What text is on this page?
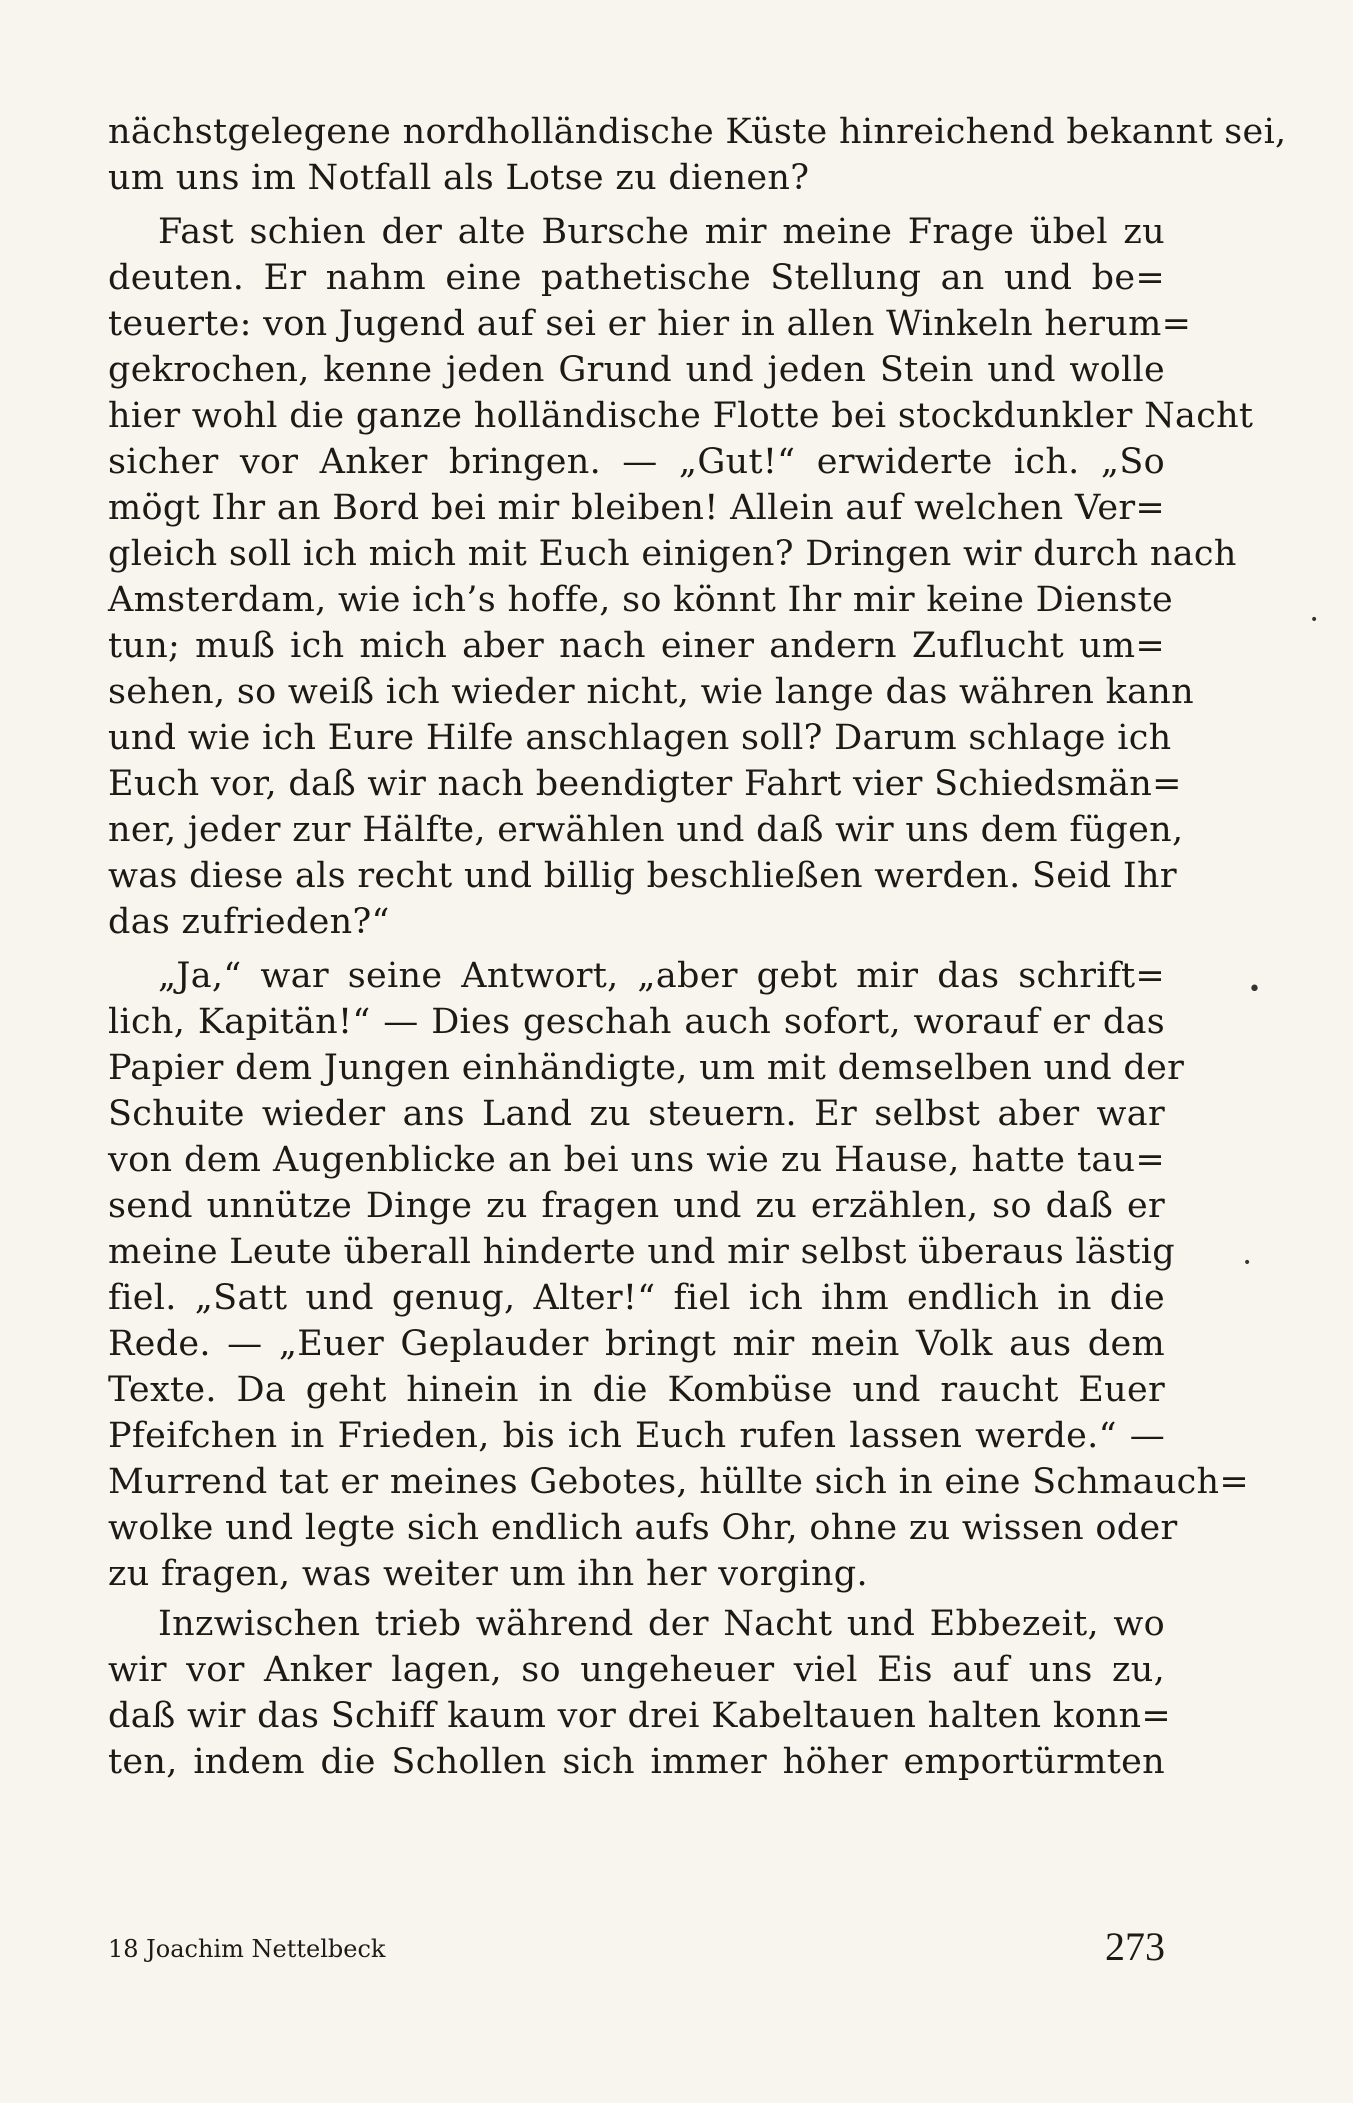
nächstgelegene nordholländische Küste hinreichend bekannt sei,
um uns im Notfall als Lotse zu dienen?
Fast schien der alte Bursche mir meine Frage übel zu
deuten. Er nahm eine pathetische Stellung an und be=
teuerte: von Jugend auf sei er hier in allen Winkeln herum=
gekrochen, kenne jeden Grund und jeden Stein und wolle
hier wohl die ganze holländische Flotte bei stockdunkler Nacht
sicher vor Anker bringen. — „Gut!“ erwiderte ich. „So
mögt Ihr an Bord bei mir bleiben! Allein auf welchen Ver=
gleich soll ich mich mit Euch einigen? Dringen wir durch nach
Amsterdam, wie ich’s hoffe, so könnt Ihr mir keine Dienste
tun; muß ich mich aber nach einer andern Zuflucht um=
sehen, so weiß ich wieder nicht, wie lange das währen kann
und wie ich Eure Hilfe anschlagen soll? Darum schlage ich
Euch vor, daß wir nach beendigter Fahrt vier Schiedsmän=
ner, jeder zur Hälfte, erwählen und daß wir uns dem fügen,
was diese als recht und billig beschließen werden. Seid Ihr
das zufrieden?“
„Ja,“ war seine Antwort, „aber gebt mir das schrift=
lich, Kapitän!“ — Dies geschah auch sofort, worauf er das
Papier dem Jungen einhändigte, um mit demselben und der
Schuite wieder ans Land zu steuern. Er selbst aber war
von dem Augenblicke an bei uns wie zu Hause, hatte tau=
send unnütze Dinge zu fragen und zu erzählen, so daß er
meine Leute überall hinderte und mir selbst überaus lästig
fiel. „Satt und genug, Alter!“ fiel ich ihm endlich in die
Rede. — „Euer Geplauder bringt mir mein Volk aus dem
Texte. Da geht hinein in die Kombüse und raucht Euer
Pfeifchen in Frieden, bis ich Euch rufen lassen werde.“ —
Murrend tat er meines Gebotes, hüllte sich in eine Schmauch=
wolke und legte sich endlich aufs Ohr, ohne zu wissen oder
zu fragen, was weiter um ihn her vorging.
Inzwischen trieb während der Nacht und Ebbezeit, wo
wir vor Anker lagen, so ungeheuer viel Eis auf uns zu,
daß wir das Schiff kaum vor drei Kabeltauen halten konn=
ten, indem die Schollen sich immer höher emportürmten
18 Joachim Nettelbeck	273
•
•
•
